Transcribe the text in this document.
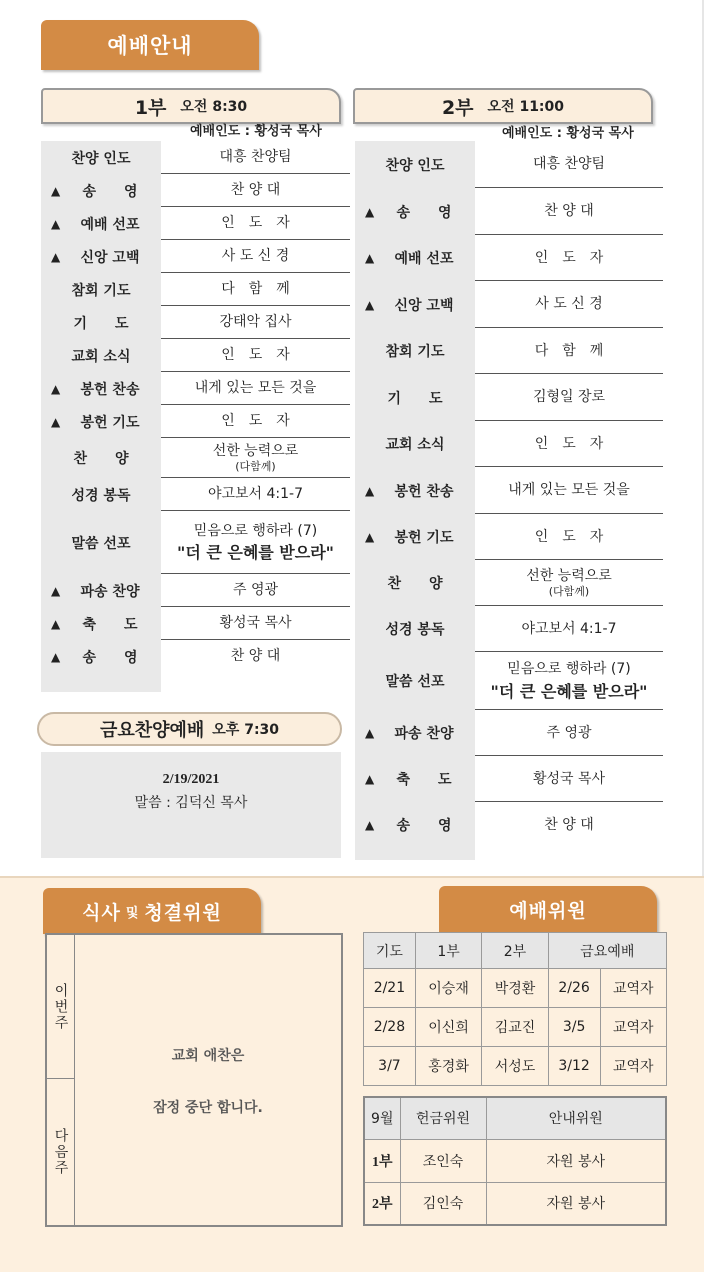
예배안내
1부 오전 8:30
예배인도 : 황성국 목사
2부 오전 11:00
예배인도 : 황성국 목사
찬양 인도	대흥 찬양팀
▲	송　　영	찬 양 대
▲	예배 선포	인　도　자
▲	신앙 고백	사 도 신 경
참회 기도	다　함　께
기　　도	강태악 집사
교회 소식	인　도　자
▲	봉헌 찬송	내게 있는 모든 것을
▲	봉헌 기도	인　도　자
찬　　양	선한 능력으로
(다함께)
성경 봉독	야고보서 4:1-7
말씀 선포
믿음으로 행하라 (7)
"더 큰 은혜를 받으라"
▲	파송 찬양	주 영광
▲	축　　도	황성국 목사
▲	송　　영	찬 양 대
찬양 인도	대흥 찬양팀
▲	송　　영	찬 양 대
▲	예배 선포	인　도　자
▲	신앙 고백	사 도 신 경
참회 기도	다　함　께
기　　도	김형일 장로
교회 소식	인　도　자
▲	봉헌 찬송	내게 있는 모든 것을
▲	봉헌 기도	인　도　자
찬　　양	선한 능력으로
(다함께)
성경 봉독	야고보서 4:1-7
말씀 선포
믿음으로 행하라 (7)
"더 큰 은혜를 받으라"
▲	파송 찬양	주 영광
▲	축　　도	황성국 목사
▲	송　　영	찬 양 대
금요찬양예배 오후 7:30
2/19/2021
말씀 : 김덕신 목사
식사 및 청결위원	예배위원
이번주
다음주
교회 애찬은
잠정 중단 합니다.
기도	1부	2부	금요예배	
2/21	이승재	박경환	2/26	교역자
2/28	이신희	김교진	3/5	교역자
3/7	홍경화	서성도	3/12	교역자
9월	헌금위원	안내위원
1부	조인숙	자원 봉사
2부	김인숙	자원 봉사
